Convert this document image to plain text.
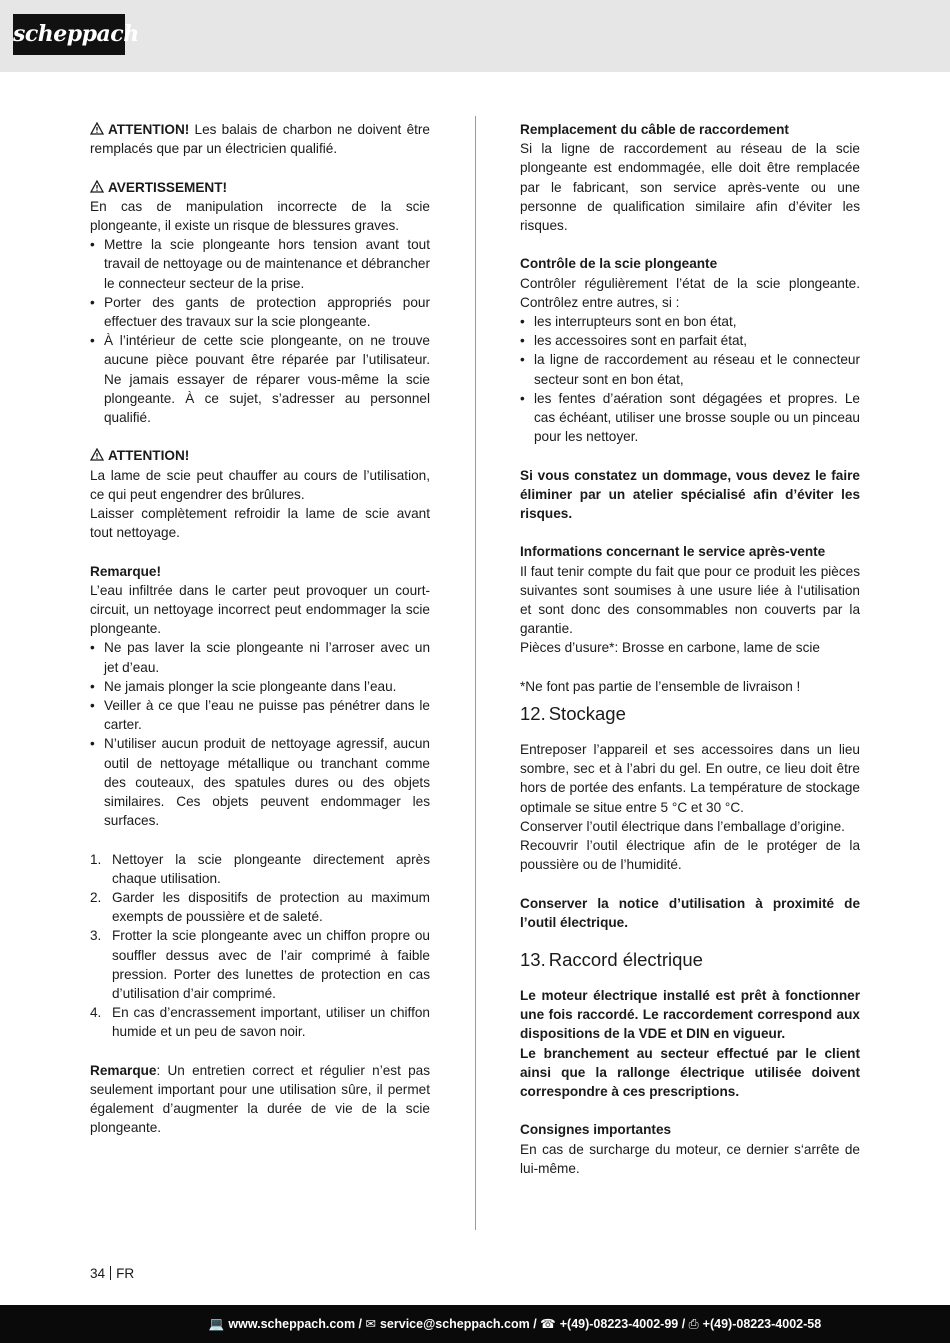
scheppach

ATTENTION! Les balais de charbon ne doivent être remplacés que par un électricien qualifié.

AVERTISSEMENT!

En cas de manipulation incorrecte de la scie plongeante, il existe un risque de blessures graves.

• Mettre la scie plongeante hors tension avant tout travail de nettoyage ou de maintenance et débrancher le connecteur secteur de la prise.
• Porter des gants de protection appropriés pour effectuer des travaux sur la scie plongeante.
• À l’intérieur de cette scie plongeante, on ne trouve aucune pièce pouvant être réparée par l’utilisateur. Ne jamais essayer de réparer vous-même la scie plongeante. À ce sujet, s’adresser au personnel qualifié.

ATTENTION!

La lame de scie peut chauffer au cours de l’utilisation, ce qui peut engendrer des brûlures.

Laisser complètement refroidir la lame de scie avant tout nettoyage.

Remarque!

L’eau infiltrée dans le carter peut provoquer un court-circuit, un nettoyage incorrect peut endommager la scie plongeante.

• Ne pas laver la scie plongeante ni l’arroser avec un jet d’eau.
• Ne jamais plonger la scie plongeante dans l’eau.
• Veiller à ce que l’eau ne puisse pas pénétrer dans le carter.
• N’utiliser aucun produit de nettoyage agressif, aucun outil de nettoyage métallique ou tranchant comme des couteaux, des spatules dures ou des objets similaires. Ces objets peuvent endommager les surfaces.
1. Nettoyer la scie plongeante directement après chaque utilisation.
2. Garder les dispositifs de protection au maximum exempts de poussière et de saleté.
3. Frotter la scie plongeante avec un chiffon propre ou souffler dessus avec de l’air comprimé à faible pression. Porter des lunettes de protection en cas d’utilisation d’air comprimé.
4. En cas d’encrassement important, utiliser un chiffon humide et un peu de savon noir.

Remarque: Un entretien correct et régulier n’est pas seulement important pour une utilisation sûre, il permet également d’augmenter la durée de vie de la scie plongeante.

Remplacement du câble de raccordement

Si la ligne de raccordement au réseau de la scie plongeante est endommagée, elle doit être remplacée par le fabricant, son service après-vente ou une personne de qualification similaire afin d’éviter les risques.

Contrôle de la scie plongeante

Contrôler régulièrement l’état de la scie plongeante. Contrôlez entre autres, si :

• les interrupteurs sont en bon état,
• les accessoires sont en parfait état,
• la ligne de raccordement au réseau et le connecteur secteur sont en bon état,
• les fentes d’aération sont dégagées et propres. Le cas échéant, utiliser une brosse souple ou un pinceau pour les nettoyer.

Si vous constatez un dommage, vous devez le faire éliminer par un atelier spécialisé afin d’éviter les risques.

Informations concernant le service après-vente

Il faut tenir compte du fait que pour ce produit les pièces suivantes sont soumises à une usure liée à l‘utilisation et sont donc des consommables non couverts par la garantie.

Pièces d’usure*: Brosse en carbone, lame de scie

*Ne font pas partie de l’ensemble de livraison !

12. Stockage

Entreposer l’appareil et ses accessoires dans un lieu sombre, sec et à l’abri du gel. En outre, ce lieu doit être hors de portée des enfants. La température de stockage optimale se situe entre 5 °C et 30 °C.

Conserver l’outil électrique dans l’emballage d’origine.

Recouvrir l’outil électrique afin de le protéger de la poussière ou de l’humidité.

Conserver la notice d’utilisation à proximité de l’outil électrique.

13. Raccord électrique

Le moteur électrique installé est prêt à fonctionner une fois raccordé. Le raccordement correspond aux dispositions de la VDE et DIN en vigueur.

Le branchement au secteur effectué par le client ainsi que la rallonge électrique utilisée doivent correspondre à ces prescriptions.

Consignes importantes

En cas de surcharge du moteur, ce dernier s‘arrête de lui-même.

34 FR
💻 www.scheppach.com / ✉ service@scheppach.com / ☎ +(49)-08223-4002-99 / ⎙ +(49)-08223-4002-58
